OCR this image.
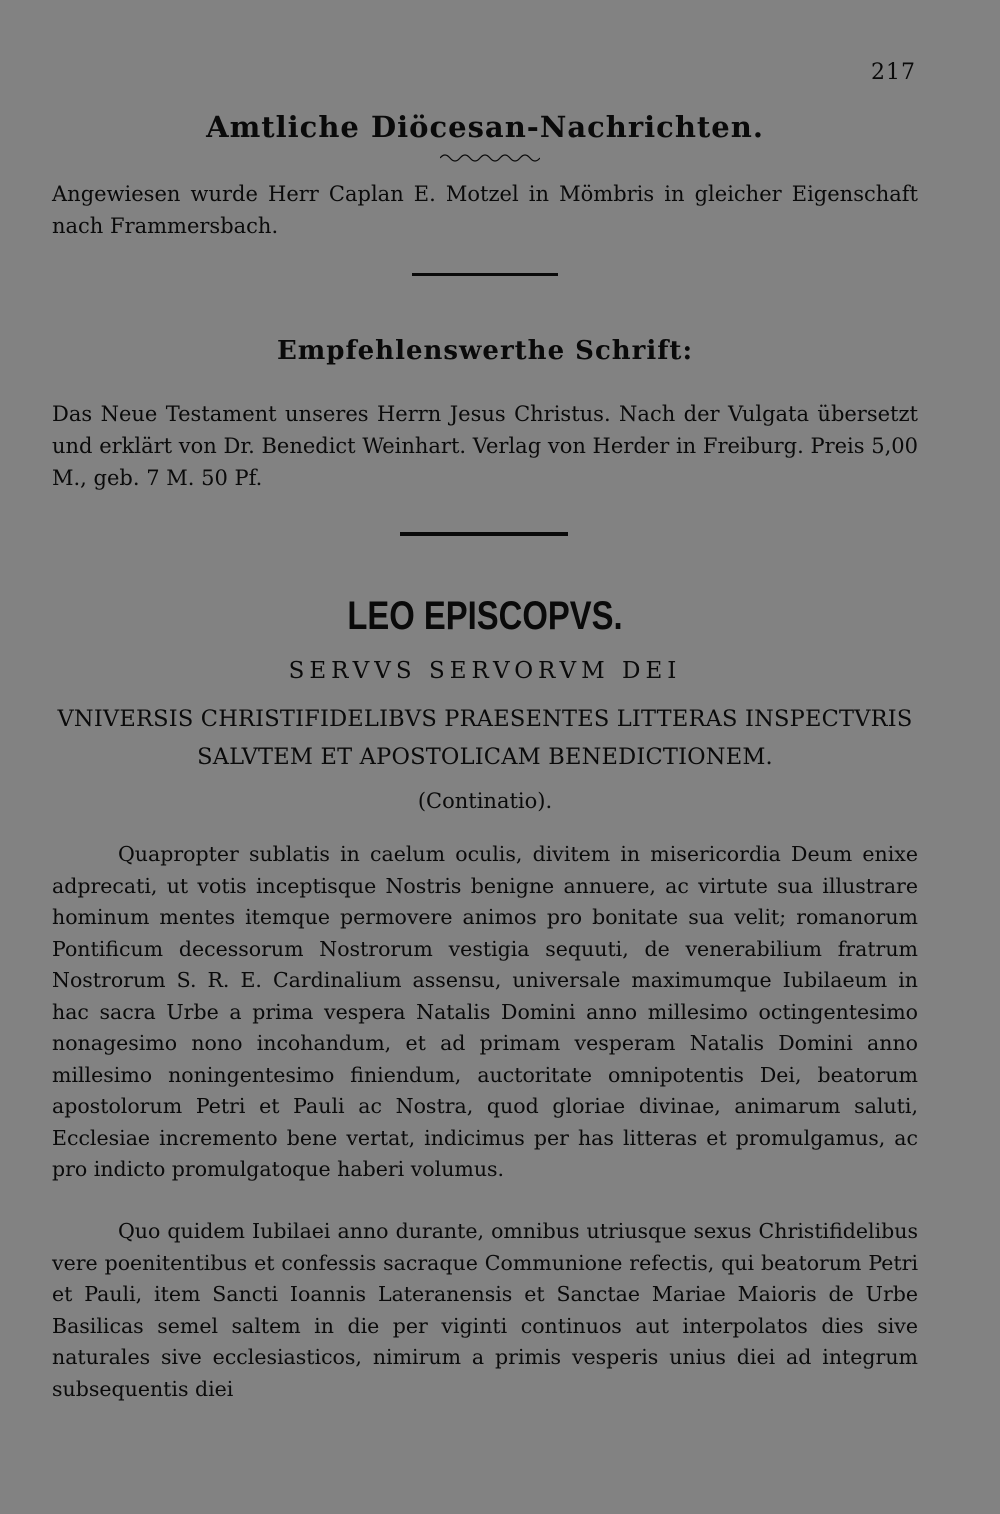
217
Amtliche Diöcesan-Nachrichten.

Angewiesen wurde Herr Caplan E. Motzel in Mömbris in gleicher Eigenschaft nach Frammersbach.

Empfehlenswerthe Schrift:

Das Neue Testament unseres Herrn Jesus Christus. Nach der Vulgata übersetzt und erklärt von Dr. Benedict Weinhart. Verlag von Herder in Freiburg. Preis 5,00 M., geb. 7 M. 50 Pf.

LEO EPISCOPVS.
SERVVS SERVORVM DEI
VNIVERSIS CHRISTIFIDELIBVS PRAESENTES LITTERAS INSPECTVRIS SALVTEM ET APOSTOLICAM BENEDICTIONEM.
(Continatio).

Quapropter sublatis in caelum oculis, divitem in misericordia Deum enixe adprecati, ut votis inceptisque Nostris benigne annuere, ac virtute sua illustrare hominum mentes itemque permovere animos pro bonitate sua velit; romanorum Pontificum decessorum Nostrorum vestigia sequuti, de venerabilium fratrum Nostrorum S. R. E. Cardinalium assensu, universale maximumque Iubilaeum in hac sacra Urbe a prima vespera Natalis Domini anno millesimo octingentesimo nonagesimo nono incohandum, et ad primam vesperam Natalis Domini anno millesimo noningentesimo finiendum, auctoritate omnipotentis Dei, beatorum apostolorum Petri et Pauli ac Nostra, quod gloriae divinae, animarum saluti, Ecclesiae incremento bene vertat, indicimus per has litteras et promulgamus, ac pro indicto promulgatoque haberi volumus.

Quo quidem Iubilaei anno durante, omnibus utriusque sexus Christifidelibus vere poenitentibus et confessis sacraque Communione refectis, qui beatorum Petri et Pauli, item Sancti Ioannis Lateranensis et Sanctae Mariae Maioris de Urbe Basilicas semel saltem in die per viginti continuos aut interpolatos dies sive naturales sive ecclesiasticos, nimirum a primis vesperis unius diei ad integrum subsequentis diei
